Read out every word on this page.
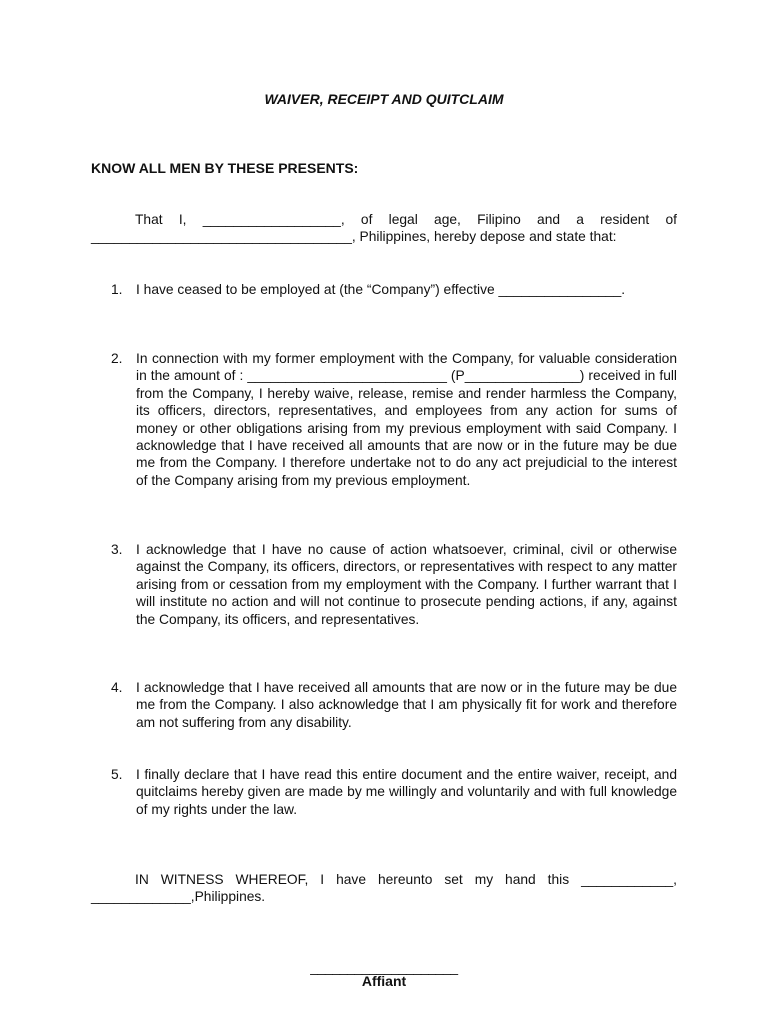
WAIVER, RECEIPT AND QUITCLAIM
KNOW ALL MEN BY THESE PRESENTS:
That I, __________________, of legal age, Filipino and a resident of __________________________________, Philippines, hereby depose and state that:
1. I have ceased to be employed at (the “Company”) effective ________________.
2. In connection with my former employment with the Company, for valuable consideration in the amount of : __________________________ (P_______________) received in full from the Company, I hereby waive, release, remise and render harmless the Company, its officers, directors, representatives, and employees from any action for sums of money or other obligations arising from my previous employment with said Company. I acknowledge that I have received all amounts that are now or in the future may be due me from the Company. I therefore undertake not to do any act prejudicial to the interest of the Company arising from my previous employment.
3. I acknowledge that I have no cause of action whatsoever, criminal, civil or otherwise against the Company, its officers, directors, or representatives with respect to any matter arising from or cessation from my employment with the Company. I further warrant that I will institute no action and will not continue to prosecute pending actions, if any, against the Company, its officers, and representatives.
4. I acknowledge that I have received all amounts that are now or in the future may be due me from the Company. I also acknowledge that I am physically fit for work and therefore am not suffering from any disability.
5. I finally declare that I have read this entire document and the entire waiver, receipt, and quitclaims hereby given are made by me willingly and voluntarily and with full knowledge of my rights under the law.
IN WITNESS WHEREOF, I have hereunto set my hand this ____________, _____________,Philippines.
____________________
Affiant
